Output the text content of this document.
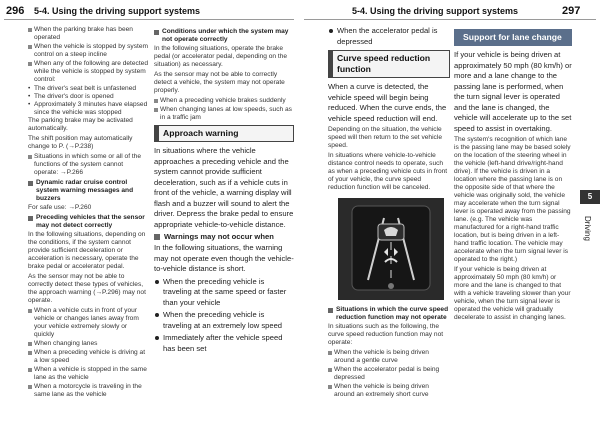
296 5-4. Using the driving support systems	5-4. Using the driving support systems	297
When the parking brake has been operated
When the vehicle is stopped by system control on a steep incline
When any of the following are detected while the vehicle is stopped by system control:
• The driver's seat belt is unfastened
• The driver's door is opened
• Approximately 3 minutes have elapsed since the vehicle was stopped

The parking brake may be activated automatically.

The shift position may automatically change to P. (→P.238)

Situations in which some or all of the functions of the system cannot operate: →P.266
Dynamic radar cruise control system warning messages and buzzers

For safe use: →P.260

Preceding vehicles that the sensor may not detect correctly

In the following situations, depending on the conditions, if the system cannot provide sufficient deceleration or acceleration is necessary, operate the brake pedal or accelerator pedal.

As the sensor may not be able to correctly detect these types of vehicles, the approach warning (→P.296) may not operate.

When a vehicle cuts in front of your vehicle or changes lanes away from your vehicle extremely slowly or quickly
When changing lanes
When a preceding vehicle is driving at a low speed
When a vehicle is stopped in the same lane as the vehicle
When a motorcycle is traveling in the same lane as the vehicle
Conditions under which the system may not operate correctly

In the following situations, operate the brake pedal (or accelerator pedal, depending on the situation) as necessary.

As the sensor may not be able to correctly detect a vehicle, the system may not operate properly.

When a preceding vehicle brakes suddenly
When changing lanes at low speeds, such as in a traffic jam
Approach warning

In situations where the vehicle approaches a preceding vehicle and the system cannot provide sufficient deceleration, such as if a vehicle cuts in front of the vehicle, a warning display will flash and a buzzer will sound to alert the driver. Depress the brake pedal to ensure appropriate vehicle-to-vehicle distance.

Warnings may not occur when

In the following situations, the warning may not operate even though the vehicle-to-vehicle distance is short.

When the preceding vehicle is traveling at the same speed or faster than your vehicle
When the preceding vehicle is traveling at an extremely low speed
Immediately after the vehicle speed has been set
When the accelerator pedal is depressed
Curve speed reduction function

When a curve is detected, the vehicle speed will begin being reduced. When the curve ends, the vehicle speed reduction will end.

Depending on the situation, the vehicle speed will then return to the set vehicle speed.

In situations where vehicle-to-vehicle distance control needs to operate, such as when a preceding vehicle cuts in front of your vehicle, the curve speed reduction function will be canceled.

Situations in which the curve speed reduction function may not operate

In situations such as the following, the curve speed reduction function may not operate:

When the vehicle is being driven around a gentle curve
When the accelerator pedal is being depressed
When the vehicle is being driven around an extremely short curve
Support for lane change

If your vehicle is being driven at approximately 50 mph (80 km/h) or more and a lane change to the passing lane is performed, when the turn signal lever is operated and the lane is changed, the vehicle will accelerate up to the set speed to assist in overtaking.

The system's recognition of which lane is the passing lane may be based solely on the location of the steering wheel in the vehicle (left-hand drive/right-hand drive). If the vehicle is driven in a location where the passing lane is on the opposite side of that where the vehicle was originally sold, the vehicle may accelerate when the turn signal lever is operated away from the passing lane. (e.g. The vehicle was manufactured for a right-hand traffic location, but is being driven in a left-hand traffic location. The vehicle may accelerate when the turn signal lever is operated to the right.)

If your vehicle is being driven at approximately 50 mph (80 km/h) or more and the lane is changed to that with a vehicle traveling slower than your vehicle, when the turn signal lever is operated the vehicle will gradually decelerate to assist in changing lanes.

5
Driving
